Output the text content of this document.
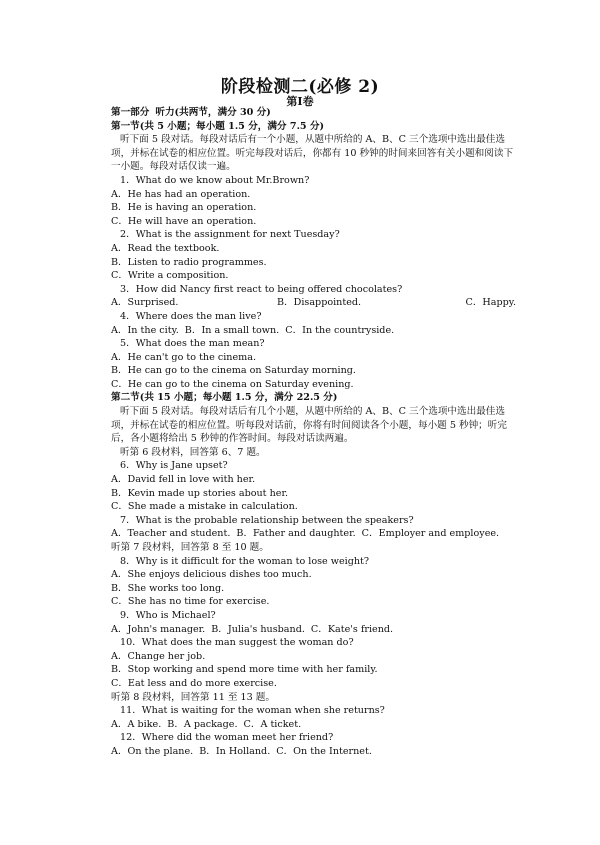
阶段检测二(必修 2)
第Ⅰ卷
第一部分 听力(共两节，满分 30 分)
第一节(共 5 小题；每小题 1.5 分，满分 7.5 分)
听下面 5 段对话。每段对话后有一个小题，从题中所给的 A、B、C 三个选项中选出最佳选项，并标在试卷的相应位置。听完每段对话后，你都有 10 秒钟的时间来回答有关小题和阅读下一小题。每段对话仅读一遍。
1．What do we know about Mr.Brown?
A．He has had an operation.
B．He is having an operation.
C．He will have an operation.
2．What is the assignment for next Tuesday?
A．Read the textbook.
B．Listen to radio programmes.
C．Write a composition.
3．How did Nancy first react to being offered chocolates?
A．Surprised.	B．Disappointed.	C．Happy.
4．Where does the man live?
A．In the city. B．In a small town. C．In the countryside.
5．What does the man mean?
A．He can't go to the cinema.
B．He can go to the cinema on Saturday morning.
C．He can go to the cinema on Saturday evening.
第二节(共 15 小题；每小题 1.5 分，满分 22.5 分)
听下面 5 段对话。每段对话后有几个小题，从题中所给的 A、B、C 三个选项中选出最佳选项，并标在试卷的相应位置。听每段对话前，你将有时间阅读各个小题，每小题 5 秒钟；听完后，各小题将给出 5 秒钟的作答时间。每段对话读两遍。
听第 6 段材料，回答第 6、7 题。
6．Why is Jane upset?
A．David fell in love with her.
B．Kevin made up stories about her.
C．She made a mistake in calculation.
7．What is the probable relationship between the speakers?
A．Teacher and student. B．Father and daughter. C．Employer and employee.
听第 7 段材料，回答第 8 至 10 题。
8．Why is it difficult for the woman to lose weight?
A．She enjoys delicious dishes too much.
B．She works too long.
C．She has no time for exercise.
9．Who is Michael?
A．John's manager. B．Julia's husband. C．Kate's friend.
10．What does the man suggest the woman do?
A．Change her job.
B．Stop working and spend more time with her family.
C．Eat less and do more exercise.
听第 8 段材料，回答第 11 至 13 题。
11．What is waiting for the woman when she returns?
A．A bike. B．A package. C．A ticket.
12．Where did the woman meet her friend?
A．On the plane. B．In Holland. C．On the Internet.
